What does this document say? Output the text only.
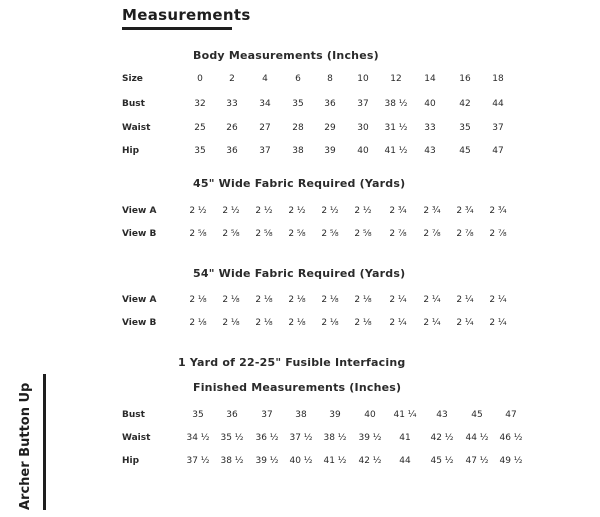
Measurements
Body Measurements (Inches)
Size	0	2	4	6	8	10	12	14	16	18
Bust	32	33	34	35	36	37	38 ½	40	42	44
Waist	25	26	27	28	29	30	31 ½	33	35	37
Hip	35	36	37	38	39	40	41 ½	43	45	47
45" Wide Fabric Required (Yards)
View A	2 ½	2 ½	2 ½	2 ½	2 ½	2 ½	2 ¾	2 ¾	2 ¾	2 ¾
View B	2 ⅝	2 ⅝	2 ⅝	2 ⅝	2 ⅝	2 ⅝	2 ⅞	2 ⅞	2 ⅞	2 ⅞
54" Wide Fabric Required (Yards)
View A	2 ⅛	2 ⅛	2 ⅛	2 ⅛	2 ⅛	2 ⅛	2 ¼	2 ¼	2 ¼	2 ¼
View B	2 ⅛	2 ⅛	2 ⅛	2 ⅛	2 ⅛	2 ⅛	2 ¼	2 ¼	2 ¼	2 ¼
1 Yard of 22-25" Fusible Interfacing
Finished Measurements (Inches)
Bust	35	36	37	38	39	40	41 ¼	43	45	47
Waist	34 ½	35 ½	36 ½	37 ½	38 ½	39 ½	41	42 ½	44 ½	46 ½
Hip	37 ½	38 ½	39 ½	40 ½	41 ½	42 ½	44	45 ½	47 ½	49 ½
Archer Button Up
